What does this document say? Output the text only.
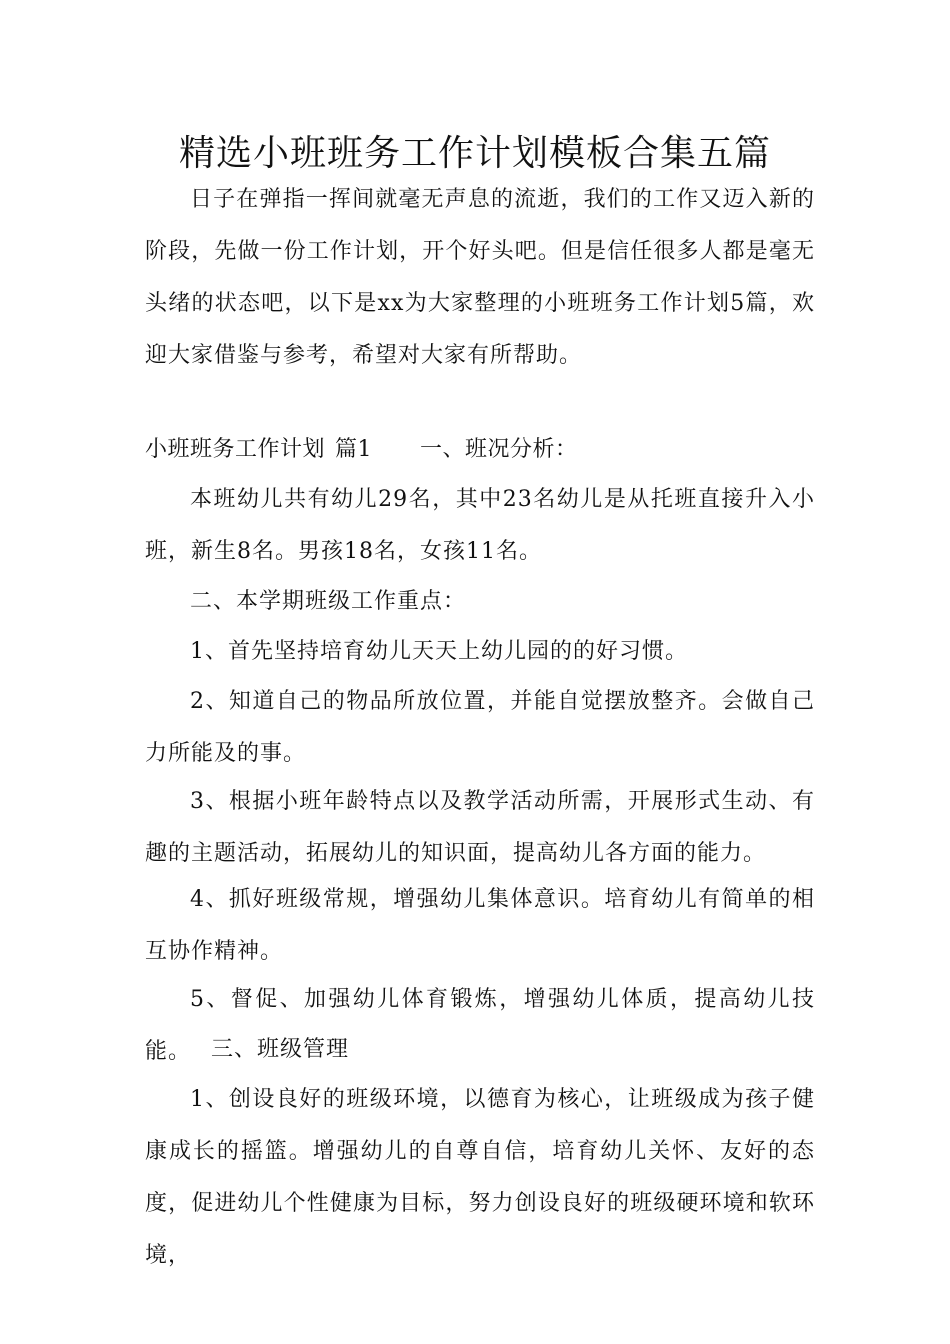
精选小班班务工作计划模板合集五篇

日子在弹指一挥间就毫无声息的流逝，我们的工作又迈入新的阶段，先做一份工作计划，开个好头吧。但是信任很多人都是毫无头绪的状态吧，以下是xx为大家整理的小班班务工作计划5篇，欢迎大家借鉴与参考，希望对大家有所帮助。

小班班务工作计划 篇1 一、班况分析：

本班幼儿共有幼儿29名，其中23名幼儿是从托班直接升入小班，新生8名。男孩18名，女孩11名。

二、本学期班级工作重点：

1、首先坚持培育幼儿天天上幼儿园的的好习惯。

2、知道自己的物品所放位置，并能自觉摆放整齐。会做自己力所能及的事。

3、根据小班年龄特点以及教学活动所需，开展形式生动、有趣的主题活动，拓展幼儿的知识面，提高幼儿各方面的能力。

4、抓好班级常规，增强幼儿集体意识。培育幼儿有简单的相互协作精神。

5、督促、加强幼儿体育锻炼，增强幼儿体质，提高幼儿技能。 三、班级管理

1、创设良好的班级环境，以德育为核心，让班级成为孩子健康成长的摇篮。增强幼儿的自尊自信，培育幼儿关怀、友好的态度，促进幼儿个性健康为目标，努力创设良好的班级硬环境和软环境，
